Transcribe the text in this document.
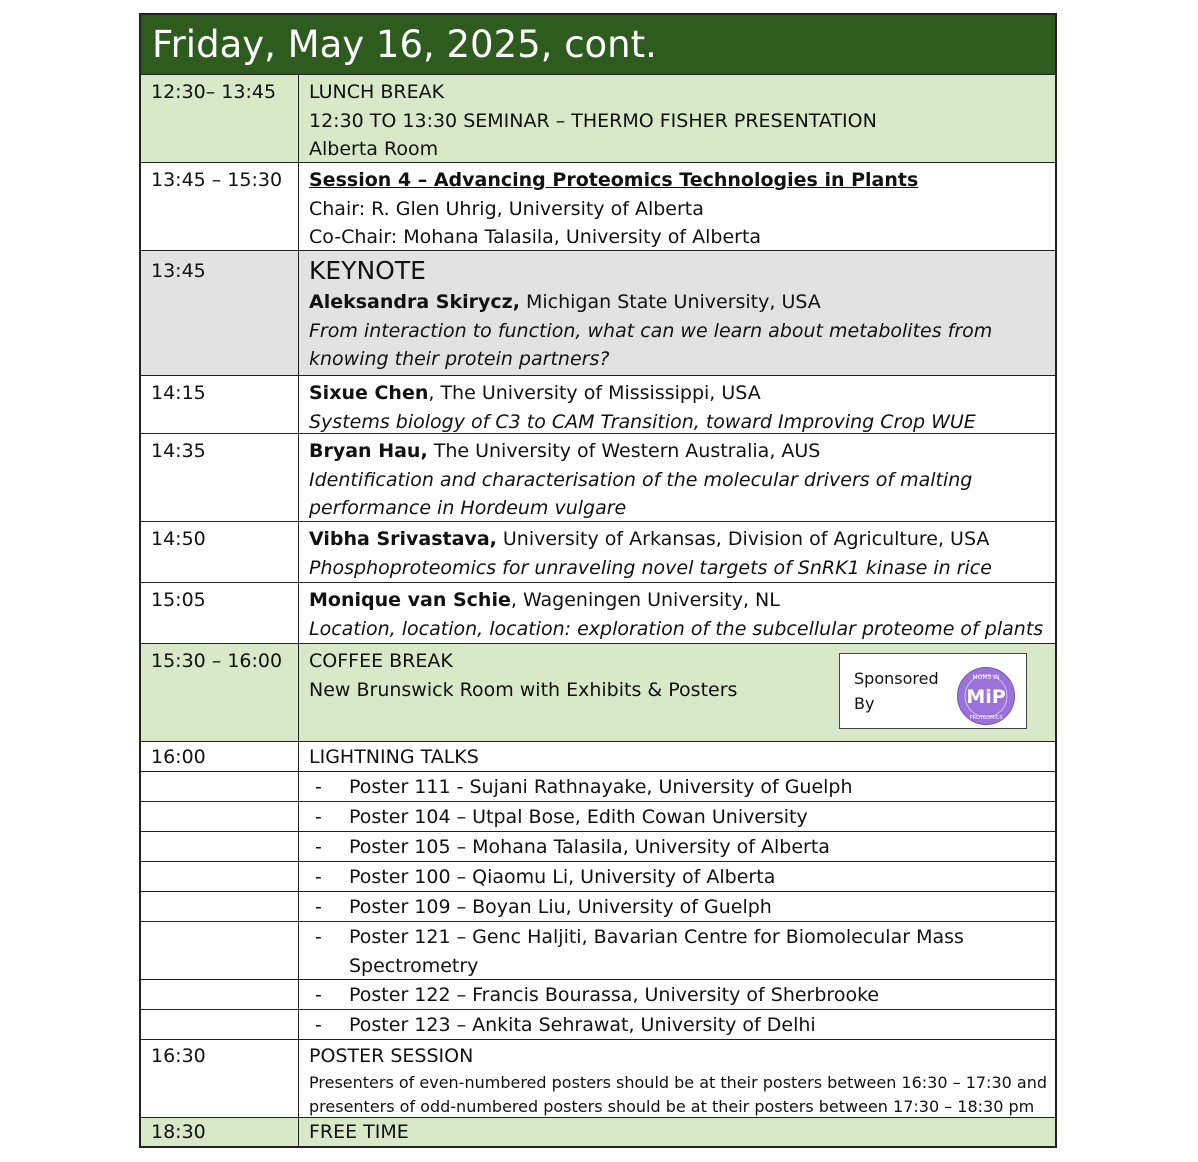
Friday, May 16, 2025, cont.
12:30– 13:45	LUNCH BREAK
12:30 TO 13:30 SEMINAR – THERMO FISHER PRESENTATION
Alberta Room
13:45 – 15:30	Session 4 – Advancing Proteomics Technologies in Plants
Chair: R. Glen Uhrig, University of Alberta
Co-Chair: Mohana Talasila, University of Alberta
13:45	KEYNOTE
Aleksandra Skirycz, Michigan State University, USA
From interaction to function, what can we learn about metabolites from
knowing their protein partners?
14:15	Sixue Chen, The University of Mississippi, USA
Systems biology of C3 to CAM Transition, toward Improving Crop WUE
14:35	Bryan Hau, The University of Western Australia, AUS
Identification and characterisation of the molecular drivers of malting
performance in Hordeum vulgare
14:50	Vibha Srivastava, University of Arkansas, Division of Agriculture, USA
Phosphoproteomics for unraveling novel targets of SnRK1 kinase in rice
15:05	Monique van Schie, Wageningen University, NL
Location, location, location: exploration of the subcellular proteome of plants
15:30 – 16:00	COFFEE BREAK
New Brunswick Room with Exhibits & Posters	Sponsored
By	MiP
MOMS IN
PROTEOMICS
16:00	LIGHTNING TALKS
- Poster 111 - Sujani Rathnayake, University of Guelph
- Poster 104 – Utpal Bose, Edith Cowan University
- Poster 105 – Mohana Talasila, University of Alberta
- Poster 100 – Qiaomu Li, University of Alberta
- Poster 109 – Boyan Liu, University of Guelph
- Poster 121 – Genc Haljiti, Bavarian Centre for Biomolecular Mass
Spectrometry
- Poster 122 – Francis Bourassa, University of Sherbrooke
- Poster 123 – Ankita Sehrawat, University of Delhi
16:30	POSTER SESSION
Presenters of even-numbered posters should be at their posters between 16:30 – 17:30 and
presenters of odd-numbered posters should be at their posters between 17:30 – 18:30 pm
18:30	FREE TIME
